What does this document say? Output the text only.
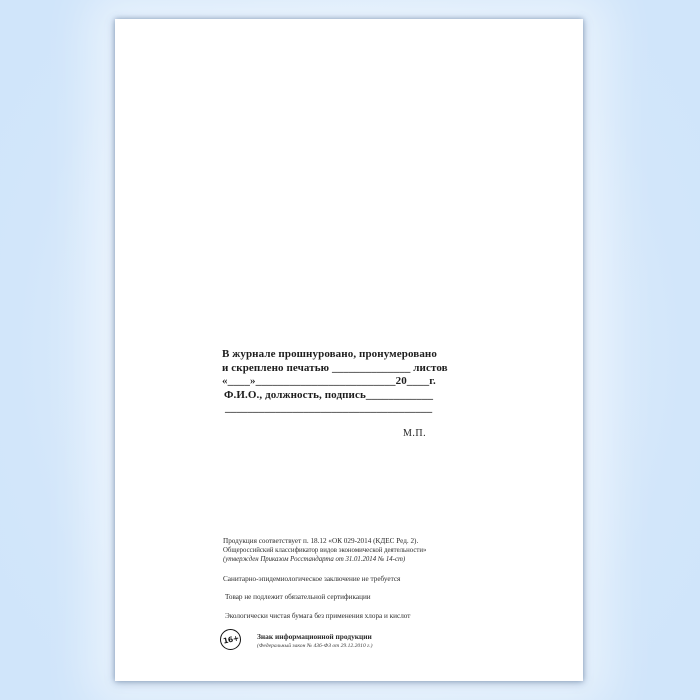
В журнале прошнуровано, пронумеровано
и скреплено печатью ______________ листов
«____»_________________________20____г.
Ф.И.О., должность, подпись____________
_____________________________________
М.П.
Продукция соответствует п. 18.12 «ОК 029-2014 (КДЕС Ред. 2).
Общероссийский классификатор видов экономической деятельности»
(утвержден Приказом Росстандарта от 31.01.2014 № 14-ст)
Санитарно-эпидемиологическое заключение не требуется
Товар не подлежит обязательной сертификации
Экологически чистая бумага без применения хлора и кислот
16+ Знак информационной продукции
(Федеральный закон № 436-ФЗ от 29.12.2010 г.)
